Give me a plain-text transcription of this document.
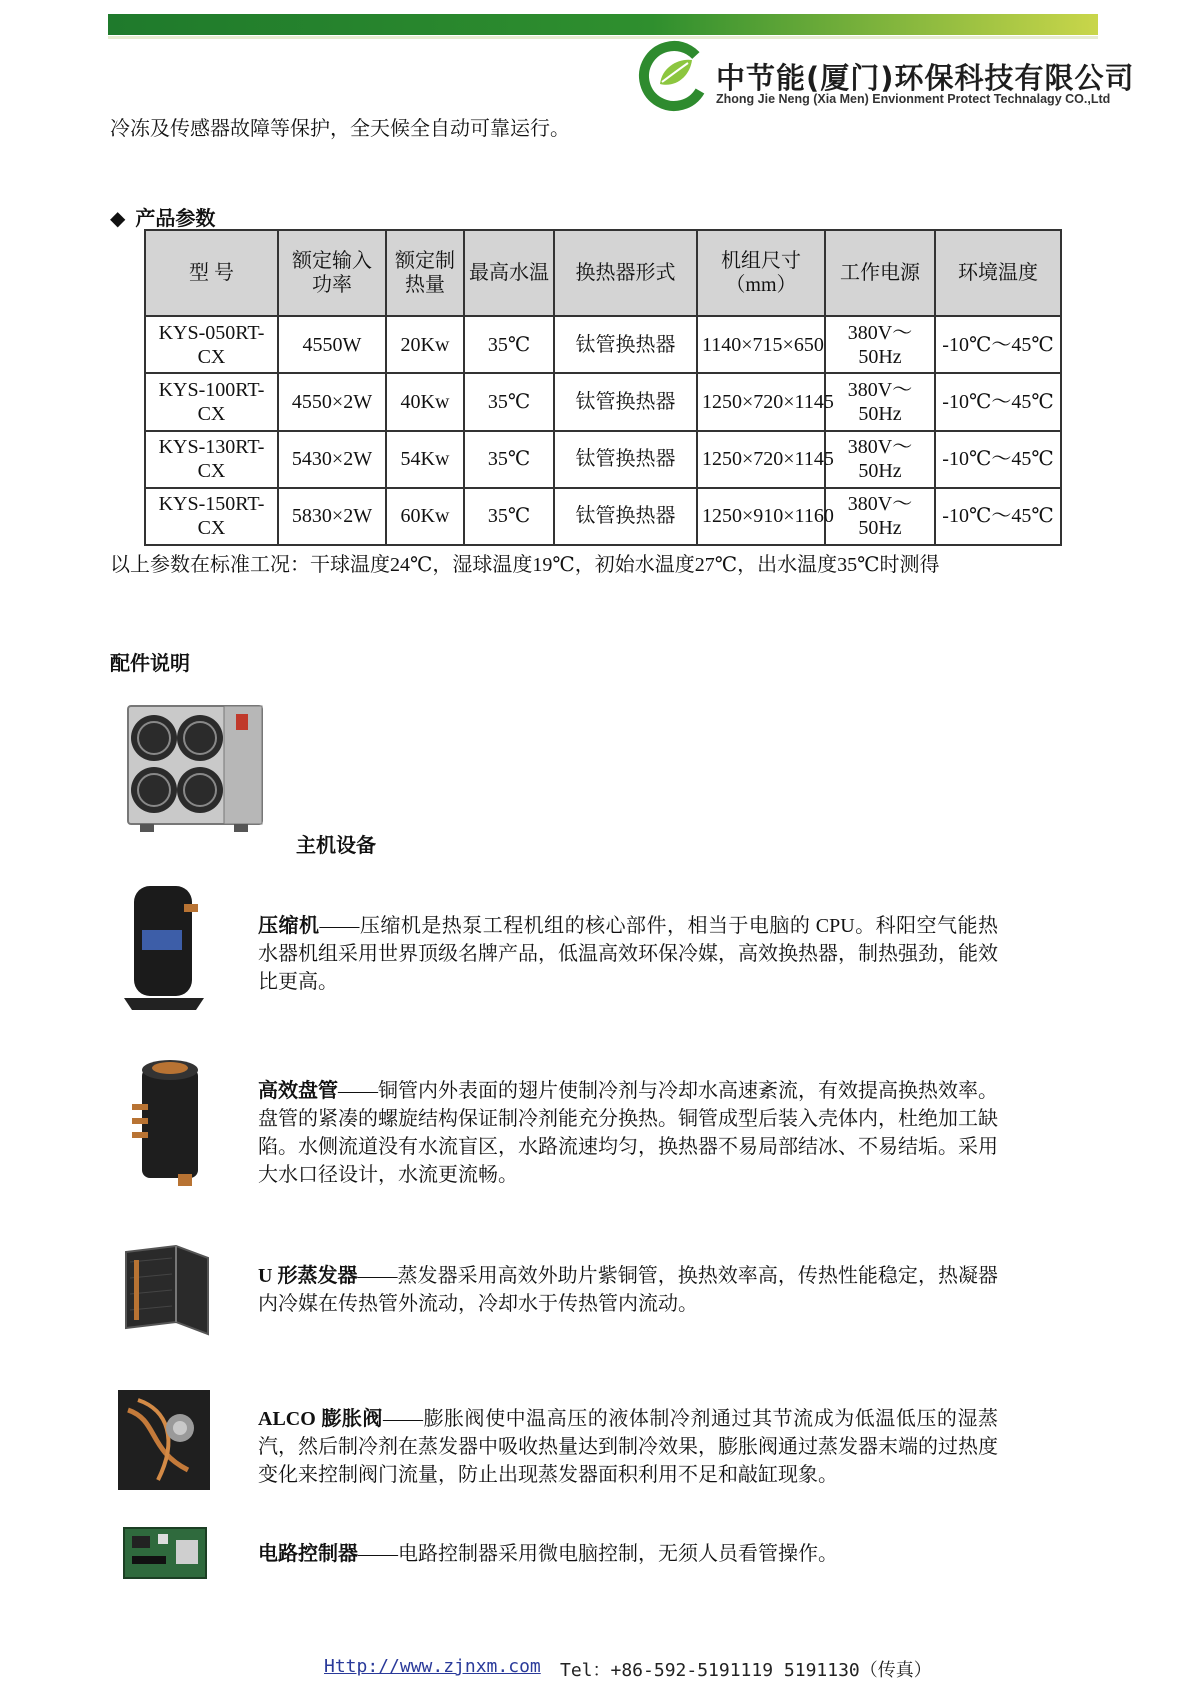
中节能(厦门)环保科技有限公司
Zhong Jie Neng (Xia Men) Envionment Protect Technalagy CO.,Ltd
冷冻及传感器故障等保护，全天候全自动可靠运行。
◆ 产品参数
型 号	额定输入功率	额定制热量	最高水温	换热器形式	机组尺寸（mm）	工作电源	环境温度
KYS-050RT-CX	4550W	20Kw	35℃	钛管换热器	1140×715×650	380V～50Hz	-10℃～45℃
KYS-100RT-CX	4550×2W	40Kw	35℃	钛管换热器	1250×720×1145	380V～50Hz	-10℃～45℃
KYS-130RT-CX	5430×2W	54Kw	35℃	钛管换热器	1250×720×1145	380V～50Hz	-10℃～45℃
KYS-150RT-CX	5830×2W	60Kw	35℃	钛管换热器	1250×910×1160	380V～50Hz	-10℃～45℃
以上参数在标准工况：干球温度24℃，湿球温度19℃，初始水温度27℃，出水温度35℃时测得
配件说明
主机设备
压缩机——压缩机是热泵工程机组的核心部件，相当于电脑的 CPU。科阳空气能热水器机组采用世界顶级名牌产品，低温高效环保冷媒，高效换热器，制热强劲，能效比更高。
高效盘管——铜管内外表面的翅片使制冷剂与冷却水高速紊流，有效提高换热效率。盘管的紧凑的螺旋结构保证制冷剂能充分换热。铜管成型后装入壳体内，杜绝加工缺陷。水侧流道没有水流盲区，水路流速均匀，换热器不易局部结冰、不易结垢。采用大水口径设计，水流更流畅。
U 形蒸发器——蒸发器采用高效外助片紫铜管，换热效率高，传热性能稳定，热凝器内冷媒在传热管外流动，冷却水于传热管内流动。
ALCO 膨胀阀——膨胀阀使中温高压的液体制冷剂通过其节流成为低温低压的湿蒸汽，然后制冷剂在蒸发器中吸收热量达到制冷效果，膨胀阀通过蒸发器末端的过热度变化来控制阀门流量，防止出现蒸发器面积利用不足和敲缸现象。
电路控制器——电路控制器采用微电脑控制，无须人员看管操作。
Http://www.zjnxm.com Tel：+86-592-5191119 5191130（传真）
